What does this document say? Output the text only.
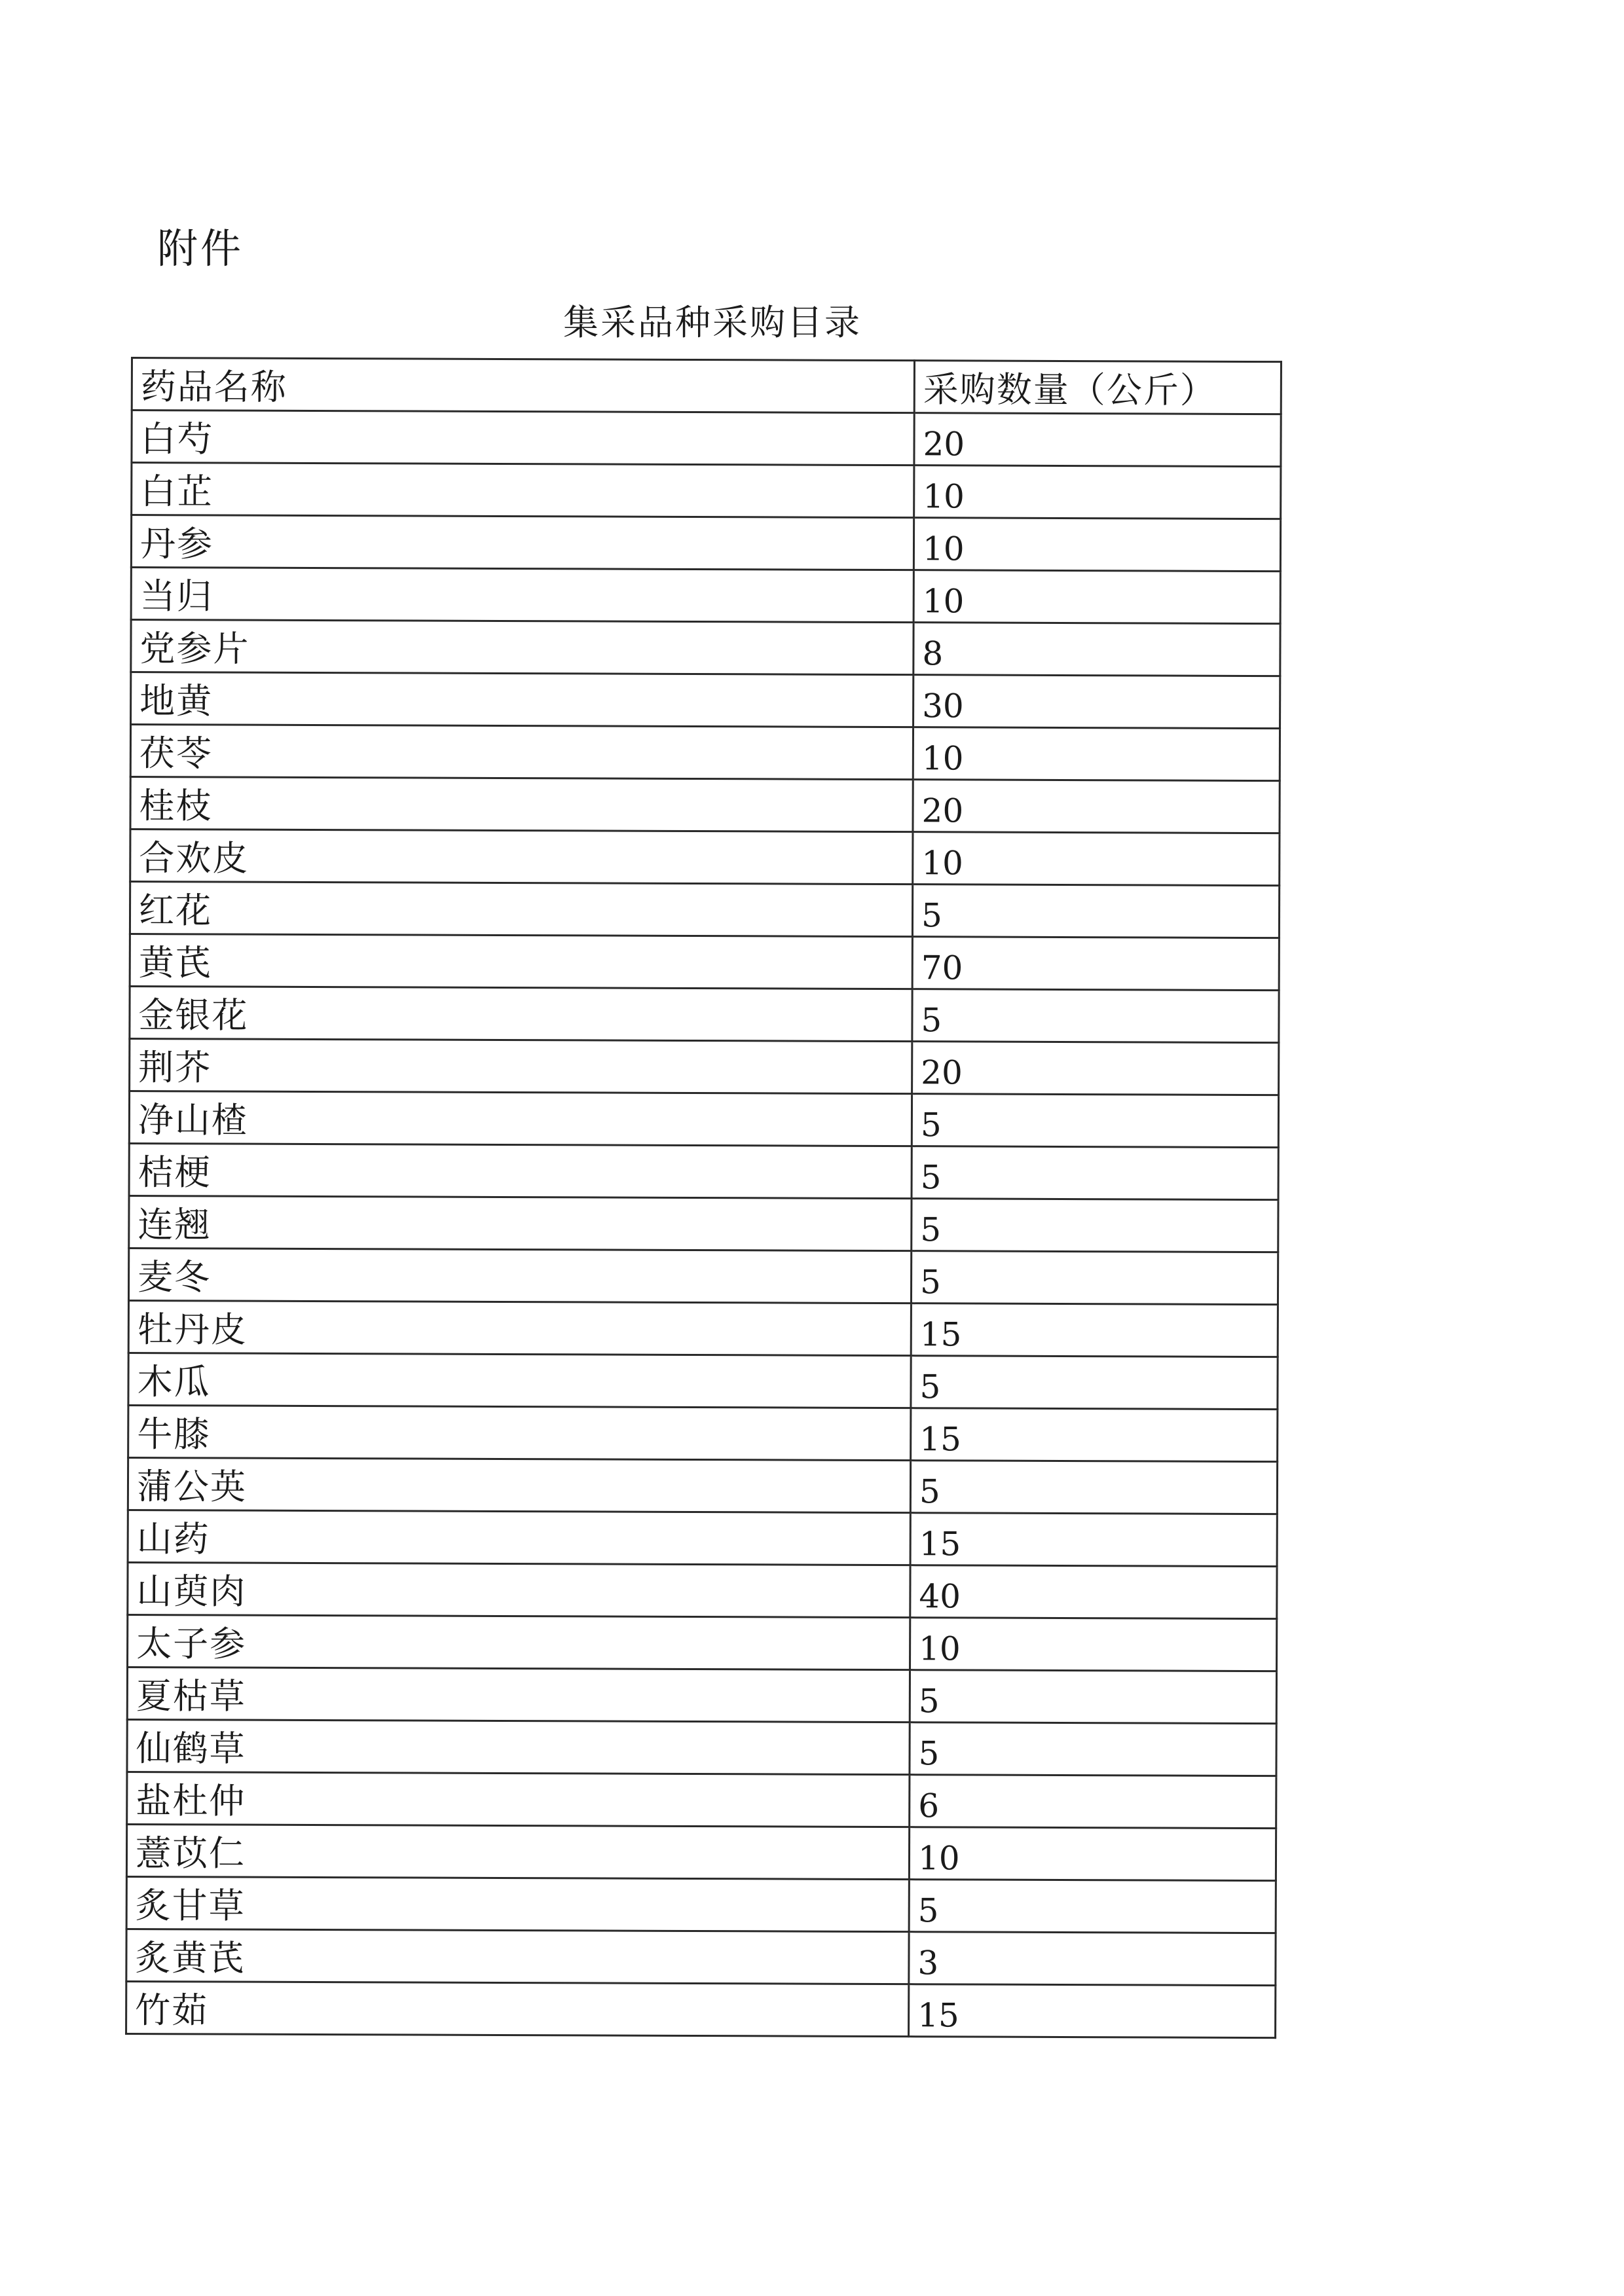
附件
集采品种采购目录
药品名称	采购数量（公斤）
白芍	20
白芷	10
丹参	10
当归	10
党参片	8
地黄	30
茯苓	10
桂枝	20
合欢皮	10
红花	5
黄芪	70
金银花	5
荆芥	20
净山楂	5
桔梗	5
连翘	5
麦冬	5
牡丹皮	15
木瓜	5
牛膝	15
蒲公英	5
山药	15
山萸肉	40
太子参	10
夏枯草	5
仙鹤草	5
盐杜仲	6
薏苡仁	10
炙甘草	5
炙黄芪	3
竹茹	15
